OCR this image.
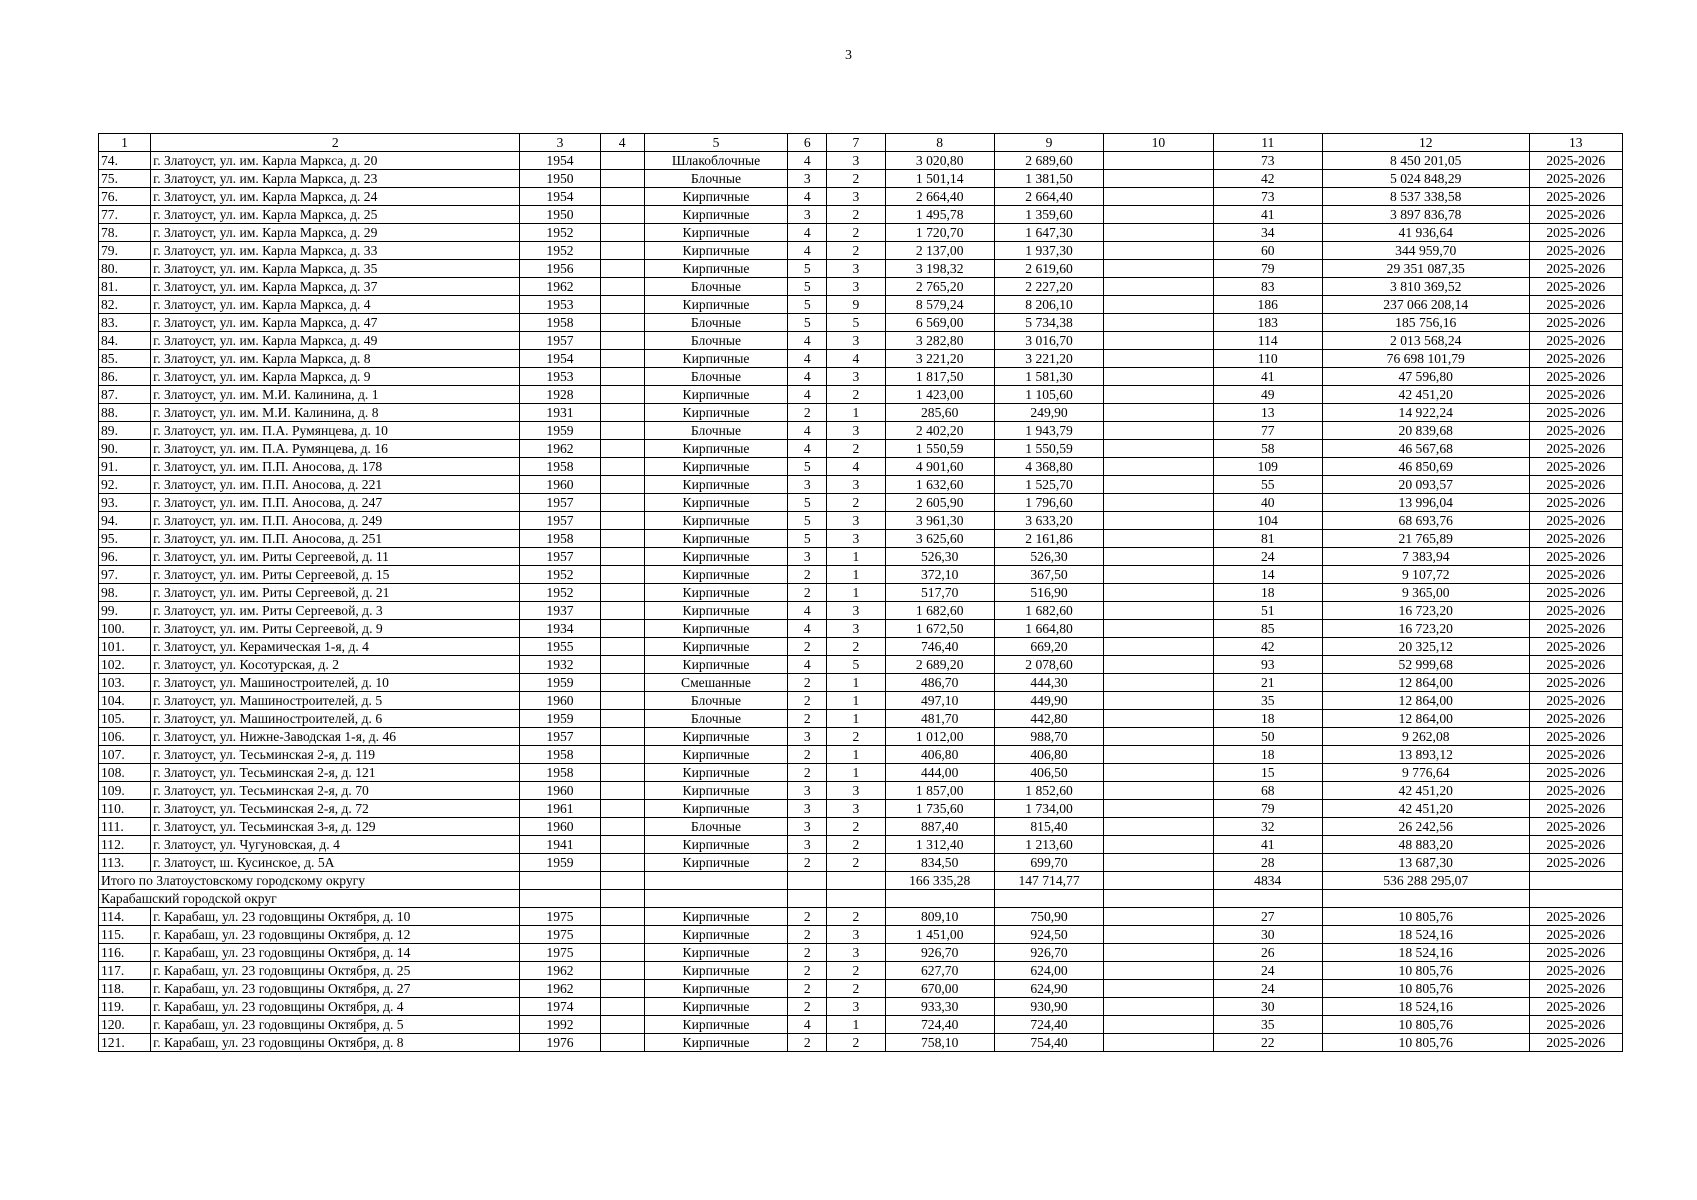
3
1	2	3	4	5	6	7	8	9	10	11	12	13
74.	г. Златоуст, ул. им. Карла Маркса, д. 20	1954		Шлакоблочные	4	3	3 020,80	2 689,60		73	8 450 201,05	2025-2026
75.	г. Златоуст, ул. им. Карла Маркса, д. 23	1950		Блочные	3	2	1 501,14	1 381,50		42	5 024 848,29	2025-2026
76.	г. Златоуст, ул. им. Карла Маркса, д. 24	1954		Кирпичные	4	3	2 664,40	2 664,40		73	8 537 338,58	2025-2026
77.	г. Златоуст, ул. им. Карла Маркса, д. 25	1950		Кирпичные	3	2	1 495,78	1 359,60		41	3 897 836,78	2025-2026
78.	г. Златоуст, ул. им. Карла Маркса, д. 29	1952		Кирпичные	4	2	1 720,70	1 647,30		34	41 936,64	2025-2026
79.	г. Златоуст, ул. им. Карла Маркса, д. 33	1952		Кирпичные	4	2	2 137,00	1 937,30		60	344 959,70	2025-2026
80.	г. Златоуст, ул. им. Карла Маркса, д. 35	1956		Кирпичные	5	3	3 198,32	2 619,60		79	29 351 087,35	2025-2026
81.	г. Златоуст, ул. им. Карла Маркса, д. 37	1962		Блочные	5	3	2 765,20	2 227,20		83	3 810 369,52	2025-2026
82.	г. Златоуст, ул. им. Карла Маркса, д. 4	1953		Кирпичные	5	9	8 579,24	8 206,10		186	237 066 208,14	2025-2026
83.	г. Златоуст, ул. им. Карла Маркса, д. 47	1958		Блочные	5	5	6 569,00	5 734,38		183	185 756,16	2025-2026
84.	г. Златоуст, ул. им. Карла Маркса, д. 49	1957		Блочные	4	3	3 282,80	3 016,70		114	2 013 568,24	2025-2026
85.	г. Златоуст, ул. им. Карла Маркса, д. 8	1954		Кирпичные	4	4	3 221,20	3 221,20		110	76 698 101,79	2025-2026
86.	г. Златоуст, ул. им. Карла Маркса, д. 9	1953		Блочные	4	3	1 817,50	1 581,30		41	47 596,80	2025-2026
87.	г. Златоуст, ул. им. М.И. Калинина, д. 1	1928		Кирпичные	4	2	1 423,00	1 105,60		49	42 451,20	2025-2026
88.	г. Златоуст, ул. им. М.И. Калинина, д. 8	1931		Кирпичные	2	1	285,60	249,90		13	14 922,24	2025-2026
89.	г. Златоуст, ул. им. П.А. Румянцева, д. 10	1959		Блочные	4	3	2 402,20	1 943,79		77	20 839,68	2025-2026
90.	г. Златоуст, ул. им. П.А. Румянцева, д. 16	1962		Кирпичные	4	2	1 550,59	1 550,59		58	46 567,68	2025-2026
91.	г. Златоуст, ул. им. П.П. Аносова, д. 178	1958		Кирпичные	5	4	4 901,60	4 368,80		109	46 850,69	2025-2026
92.	г. Златоуст, ул. им. П.П. Аносова, д. 221	1960		Кирпичные	3	3	1 632,60	1 525,70		55	20 093,57	2025-2026
93.	г. Златоуст, ул. им. П.П. Аносова, д. 247	1957		Кирпичные	5	2	2 605,90	1 796,60		40	13 996,04	2025-2026
94.	г. Златоуст, ул. им. П.П. Аносова, д. 249	1957		Кирпичные	5	3	3 961,30	3 633,20		104	68 693,76	2025-2026
95.	г. Златоуст, ул. им. П.П. Аносова, д. 251	1958		Кирпичные	5	3	3 625,60	2 161,86		81	21 765,89	2025-2026
96.	г. Златоуст, ул. им. Риты Сергеевой, д. 11	1957		Кирпичные	3	1	526,30	526,30		24	7 383,94	2025-2026
97.	г. Златоуст, ул. им. Риты Сергеевой, д. 15	1952		Кирпичные	2	1	372,10	367,50		14	9 107,72	2025-2026
98.	г. Златоуст, ул. им. Риты Сергеевой, д. 21	1952		Кирпичные	2	1	517,70	516,90		18	9 365,00	2025-2026
99.	г. Златоуст, ул. им. Риты Сергеевой, д. 3	1937		Кирпичные	4	3	1 682,60	1 682,60		51	16 723,20	2025-2026
100.	г. Златоуст, ул. им. Риты Сергеевой, д. 9	1934		Кирпичные	4	3	1 672,50	1 664,80		85	16 723,20	2025-2026
101.	г. Златоуст, ул. Керамическая 1-я, д. 4	1955		Кирпичные	2	2	746,40	669,20		42	20 325,12	2025-2026
102.	г. Златоуст, ул. Косотурская, д. 2	1932		Кирпичные	4	5	2 689,20	2 078,60		93	52 999,68	2025-2026
103.	г. Златоуст, ул. Машиностроителей, д. 10	1959		Смешанные	2	1	486,70	444,30		21	12 864,00	2025-2026
104.	г. Златоуст, ул. Машиностроителей, д. 5	1960		Блочные	2	1	497,10	449,90		35	12 864,00	2025-2026
105.	г. Златоуст, ул. Машиностроителей, д. 6	1959		Блочные	2	1	481,70	442,80		18	12 864,00	2025-2026
106.	г. Златоуст, ул. Нижне-Заводская 1-я, д. 46	1957		Кирпичные	3	2	1 012,00	988,70		50	9 262,08	2025-2026
107.	г. Златоуст, ул. Тесьминская 2-я, д. 119	1958		Кирпичные	2	1	406,80	406,80		18	13 893,12	2025-2026
108.	г. Златоуст, ул. Тесьминская 2-я, д. 121	1958		Кирпичные	2	1	444,00	406,50		15	9 776,64	2025-2026
109.	г. Златоуст, ул. Тесьминская 2-я, д. 70	1960		Кирпичные	3	3	1 857,00	1 852,60		68	42 451,20	2025-2026
110.	г. Златоуст, ул. Тесьминская 2-я, д. 72	1961		Кирпичные	3	3	1 735,60	1 734,00		79	42 451,20	2025-2026
111.	г. Златоуст, ул. Тесьминская 3-я, д. 129	1960		Блочные	3	2	887,40	815,40		32	26 242,56	2025-2026
112.	г. Златоуст, ул. Чугуновская, д. 4	1941		Кирпичные	3	2	1 312,40	1 213,60		41	48 883,20	2025-2026
113.	г. Златоуст, ш. Кусинское, д. 5А	1959		Кирпичные	2	2	834,50	699,70		28	13 687,30	2025-2026
Итого по Златоустовскому городскому округу							166 335,28	147 714,77		4834	536 288 295,07	
Карабашский городской округ												
114.	г. Карабаш, ул. 23 годовщины Октября, д. 10	1975		Кирпичные	2	2	809,10	750,90		27	10 805,76	2025-2026
115.	г. Карабаш, ул. 23 годовщины Октября, д. 12	1975		Кирпичные	2	3	1 451,00	924,50		30	18 524,16	2025-2026
116.	г. Карабаш, ул. 23 годовщины Октября, д. 14	1975		Кирпичные	2	3	926,70	926,70		26	18 524,16	2025-2026
117.	г. Карабаш, ул. 23 годовщины Октября, д. 25	1962		Кирпичные	2	2	627,70	624,00		24	10 805,76	2025-2026
118.	г. Карабаш, ул. 23 годовщины Октября, д. 27	1962		Кирпичные	2	2	670,00	624,90		24	10 805,76	2025-2026
119.	г. Карабаш, ул. 23 годовщины Октября, д. 4	1974		Кирпичные	2	3	933,30	930,90		30	18 524,16	2025-2026
120.	г. Карабаш, ул. 23 годовщины Октября, д. 5	1992		Кирпичные	4	1	724,40	724,40		35	10 805,76	2025-2026
121.	г. Карабаш, ул. 23 годовщины Октября, д. 8	1976		Кирпичные	2	2	758,10	754,40		22	10 805,76	2025-2026
